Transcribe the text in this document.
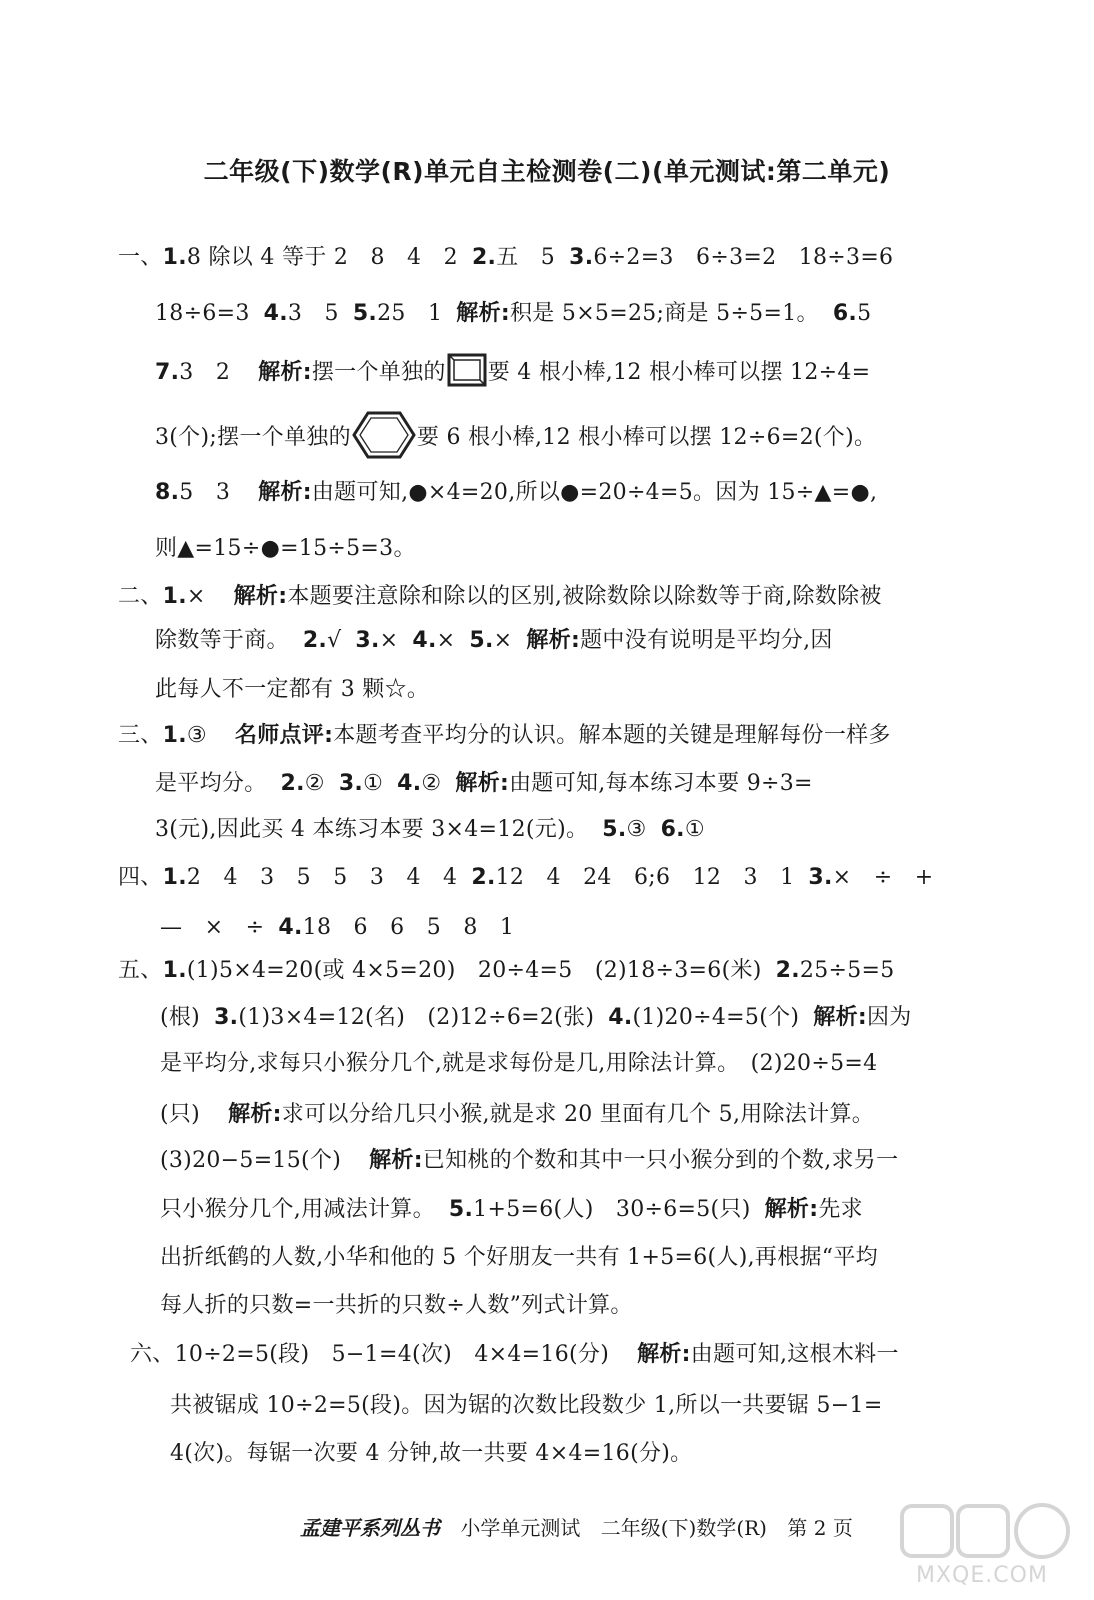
二年级(下)数学(R)单元自主检测卷(二)(单元测试:第二单元)
一、1.8 除以 4 等于 2　8　4　2 2.五　5 3.6÷2=3　6÷3=2　18÷3=6
18÷6=3 4.3　5 5.25　1 解析:积是 5×5=25;商是 5÷5=1。 6.5
7.3　2 解析:摆一个单独的 要 4 根小棒,12 根小棒可以摆 12÷4=
3(个);摆一个单独的	要 6 根小棒,12 根小棒可以摆 12÷6=2(个)。
8.5　3 解析:由题可知,●×4=20,所以●=20÷4=5。因为 15÷▲=●,
则▲=15÷●=15÷5=3。
二、1.× 解析:本题要注意除和除以的区别,被除数除以除数等于商,除数除被
除数等于商。 2.√ 3.× 4.× 5.× 解析:题中没有说明是平均分,因
此每人不一定都有 3 颗☆。
三、1.③ 名师点评:本题考查平均分的认识。解本题的关键是理解每份一样多
是平均分。 2.② 3.① 4.② 解析:由题可知,每本练习本要 9÷3=
3(元),因此买 4 本练习本要 3×4=12(元)。 5.③ 6.①
四、1.2　4　3　5　5　3　4　4 2.12　4　24　6;6　12　3　1 3.×　÷　+
—　×　÷ 4.18　6　6　5　8　1
五、1.(1)5×4=20(或 4×5=20)　20÷4=5　(2)18÷3=6(米) 2.25÷5=5
(根) 3.(1)3×4=12(名)　(2)12÷6=2(张) 4.(1)20÷4=5(个) 解析:因为
是平均分,求每只小猴分几个,就是求每份是几,用除法计算。　(2)20÷5=4
(只) 解析:求可以分给几只小猴,就是求 20 里面有几个 5,用除法计算。
(3)20−5=15(个) 解析:已知桃的个数和其中一只小猴分到的个数,求另一
只小猴分几个,用减法计算。 5.1+5=6(人)　30÷6=5(只) 解析:先求
出折纸鹤的人数,小华和他的 5 个好朋友一共有 1+5=6(人),再根据“平均
每人折的只数=一共折的只数÷人数”列式计算。
六、10÷2=5(段)　5−1=4(次)　4×4=16(分) 解析:由题可知,这根木料一
共被锯成 10÷2=5(段)。因为锯的次数比段数少 1,所以一共要锯 5−1=
4(次)。每锯一次要 4 分钟,故一共要 4×4=16(分)。
孟建平系列丛书 小学单元测试 二年级(下)数学(R) 第 2 页
MXQE.COM
